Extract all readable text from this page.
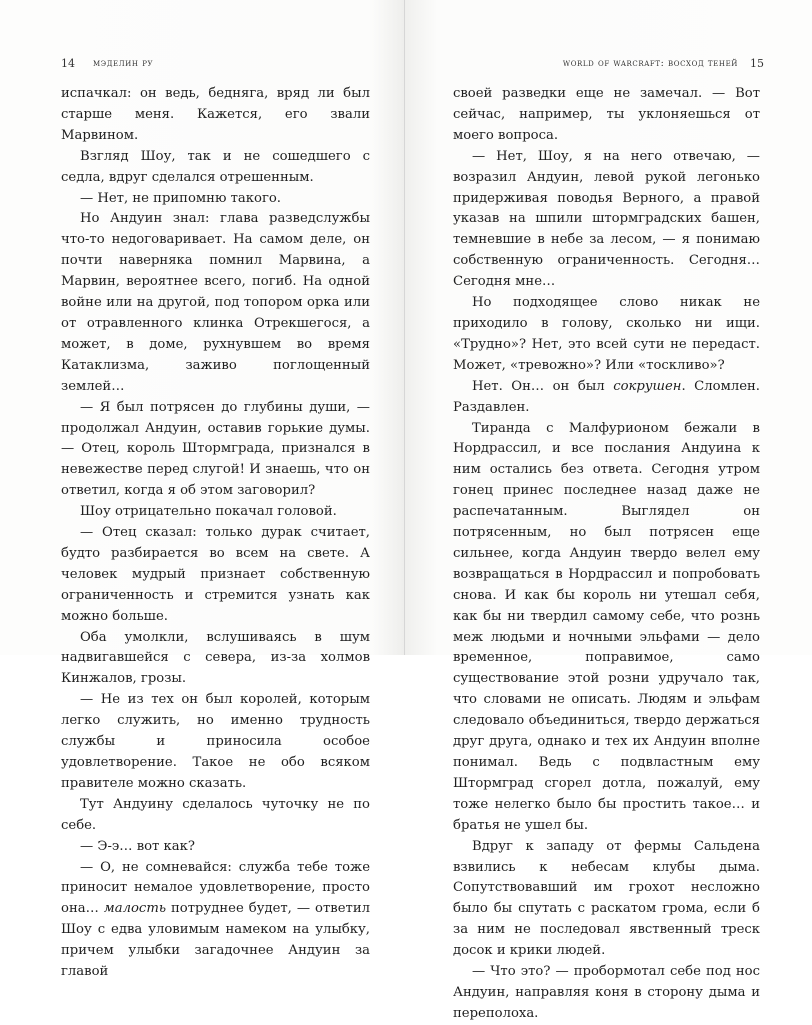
14 мэделин ру

испачкал: он ведь, бедняга, вряд ли был старше меня. Кажется, его звали Марвином.

Взгляд Шоу, так и не сошедшего с седла, вдруг сделался отрешенным.

— Нет, не припомню такого.

Но Андуин знал: глава разведслужбы что-то недоговаривает. На самом деле, он почти наверняка помнил Марвина, а Марвин, вероятнее всего, погиб. На одной войне или на другой, под топором орка или от отравленного клинка Отрекшегося, а может, в доме, рухнувшем во время Катаклизма, заживо поглощенный землей…

— Я был потрясен до глубины души, — продолжал Андуин, оставив горькие думы. — Отец, король Штормграда, признался в невежестве перед слугой! И знаешь, что он ответил, когда я об этом заговорил?

Шоу отрицательно покачал головой.

— Отец сказал: только дурак считает, будто разбирается во всем на свете. А человек мудрый признает собственную ограниченность и стремится узнать как можно больше.

Оба умолкли, вслушиваясь в шум надвигавшейся с севера, из-за холмов Кинжалов, грозы.

— Не из тех он был королей, которым легко служить, но именно трудность службы и приносила особое удовлетворение. Такое не обо всяком правителе можно сказать.

Тут Андуину сделалось чуточку не по себе.

— Э-э… вот как?

— О, не сомневайся: служба тебе тоже приносит немалое удовлетворение, просто она… малость потруднее будет, — ответил Шоу с едва уловимым намеком на улыбку, причем улыбки загадочнее Андуин за главой

world of warcraft: восход теней 15

своей разведки еще не замечал. — Вот сейчас, например, ты уклоняешься от моего вопроса.

— Нет, Шоу, я на него отвечаю, — возразил Андуин, левой рукой легонько придерживая поводья Верного, а правой указав на шпили штормградских башен, темневшие в небе за лесом, — я понимаю собственную ограниченность. Сегодня… Сегодня мне…

Но подходящее слово никак не приходило в голову, сколько ни ищи. «Трудно»? Нет, это всей сути не передаст. Может, «тревожно»? Или «тоскливо»?

Нет. Он… он был сокрушен. Сломлен. Раздавлен.

Тиранда с Малфурионом бежали в Нордрассил, и все послания Андуина к ним остались без ответа. Сегодня утром гонец принес последнее назад даже не распечатанным. Выглядел он потрясенным, но был потрясен еще сильнее, когда Андуин твердо велел ему возвращаться в Нордрассил и попробовать снова. И как бы король ни утешал себя, как бы ни твердил самому себе, что рознь меж людьми и ночными эльфами — дело временное, поправимое, само существование этой розни удручало так, что словами не описать. Людям и эльфам следовало объединиться, твердо держаться друг друга, однако и тех их Андуин вполне понимал. Ведь с подвластным ему Штормград сгорел дотла, пожалуй, ему тоже нелегко было бы простить такое… и братья не ушел бы.

Вдруг к западу от фермы Сальдена взвились к небесам клубы дыма. Сопутствовавший им грохот несложно было бы спутать с раскатом грома, если б за ним не последовал явственный треск досок и крики людей.

— Что это? — пробормотал себе под нос Андуин, направляя коня в сторону дыма и переполоха.
